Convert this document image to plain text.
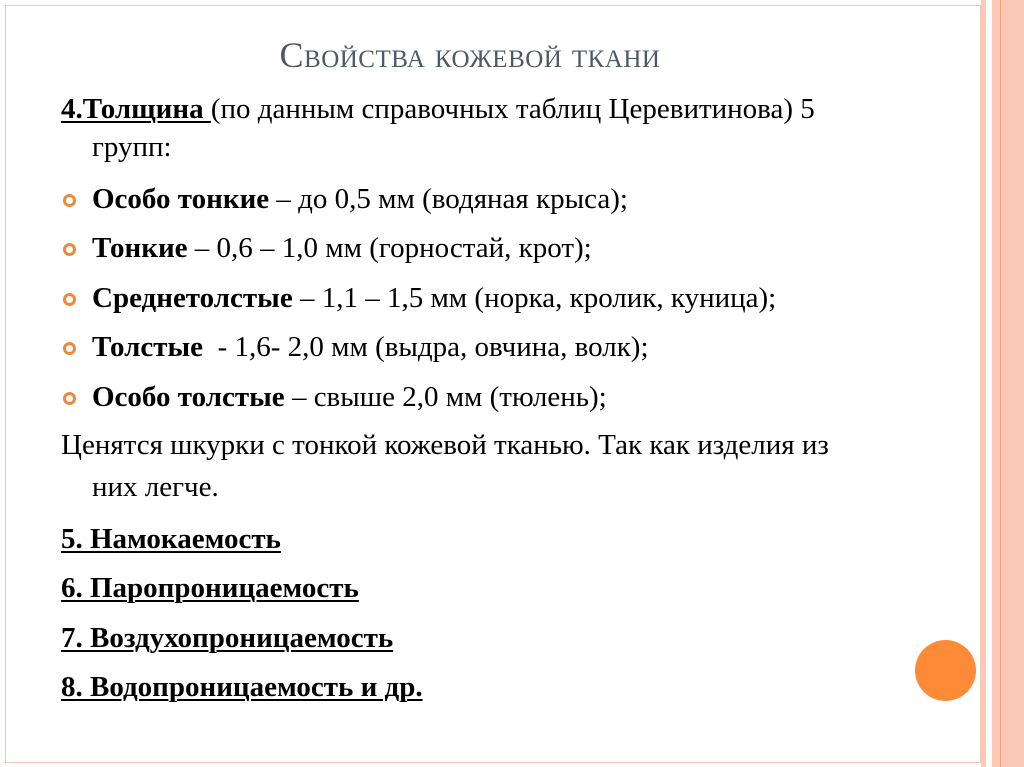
Свойства кожевой ткани
4.Толщина (по данным справочных таблиц Церевитинова) 5
групп:
Особо тонкие – до 0,5 мм (водяная крыса);
Тонкие – 0,6 – 1,0 мм (горностай, крот);
Среднетолстые – 1,1 – 1,5 мм (норка, кролик, куница);
Толстые  - 1,6- 2,0 мм (выдра, овчина, волк);
Особо толстые – свыше 2,0 мм (тюлень);
Ценятся шкурки с тонкой кожевой тканью. Так как изделия из
них легче.
5. Намокаемость
6. Паропроницаемость
7. Воздухопроницаемость
8. Водопроницаемость и др.
